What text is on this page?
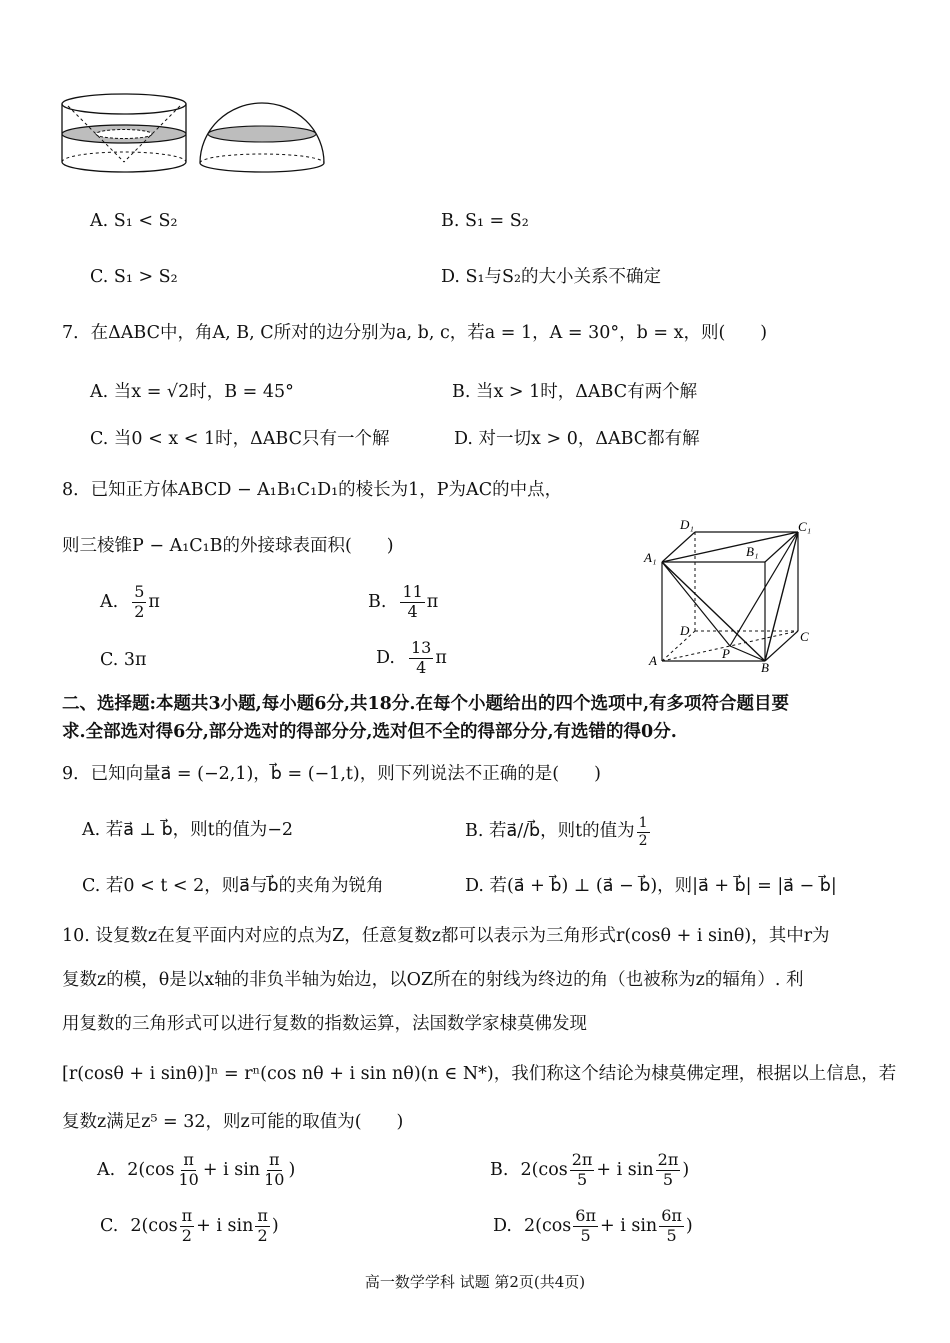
A. S₁ < S₂	B. S₁ = S₂
C. S₁ > S₂	D. S₁与S₂的大小关系不确定
7．在ΔABC中，角A, B, C所对的边分别为a, b, c，若a = 1，A = 30°，b = x，则(　　)
A. 当x = √2时，B = 45°	B. 当x > 1时，ΔABC有两个解
C. 当0 < x < 1时，ΔABC只有一个解	D. 对一切x > 0，ΔABC都有解
8．已知正方体ABCD − A₁B₁C₁D₁的棱长为1，P为AC的中点，
则三棱锥P − A₁C₁B的外接球表面积(　　)
A. $\frac{5}{2}$ π	B. $\frac{11}{4}$ π
C. 3π	D. $\frac{13}{4}$ π
D₁	C₁
A₁	B₁
D	C
A	B
P
二、选择题:本题共3小题,每小题6分,共18分.在每个小题给出的四个选项中,有多项符合题目要
求.全部选对得6分,部分选对的得部分分,选对但不全的得部分分,有选错的得0分.
9．已知向量a⃗ = (−2,1)，b⃗ = (−1,t)，则下列说法不正确的是(　　)
A. 若a⃗ ⊥ b⃗，则t的值为−2	B. 若a⃗//b⃗，则t的值为 $\frac{1}{2}$
C. 若0 < t < 2，则a⃗与b⃗的夹角为锐角	D. 若(a⃗ + b⃗) ⊥ (a⃗ − b⃗)，则|a⃗ + b⃗| = |a⃗ − b⃗|
10. 设复数z在复平面内对应的点为Z，任意复数z都可以表示为三角形式r(cosθ + i sinθ)，其中r为
复数z的模，θ是以x轴的非负半轴为始边，以OZ所在的射线为终边的角（也被称为z的辐角）. 利
用复数的三角形式可以进行复数的指数运算，法国数学家棣莫佛发现
[r(cosθ + i sinθ)]ⁿ = rⁿ(cos nθ + i sin nθ)(n ∈ N*)，我们称这个结论为棣莫佛定理，根据以上信息，若
复数z满足z⁵ = 32，则z可能的取值为(　　)
A. $2(\cos \frac{\pi}{10} + i$ $\sin \frac{\pi}{10}$ )	B. $2(\cos \frac{2\pi}{5} + i$ $\sin \frac{2\pi}{5}$ )
C. $2(\cos \frac{\pi}{2} + i$ $\sin \frac{\pi}{2}$ )	D. $2(\cos \frac{6\pi}{5} + i$ $\sin \frac{6\pi}{5}$ )
高一数学学科 试题 第2页(共4页)
